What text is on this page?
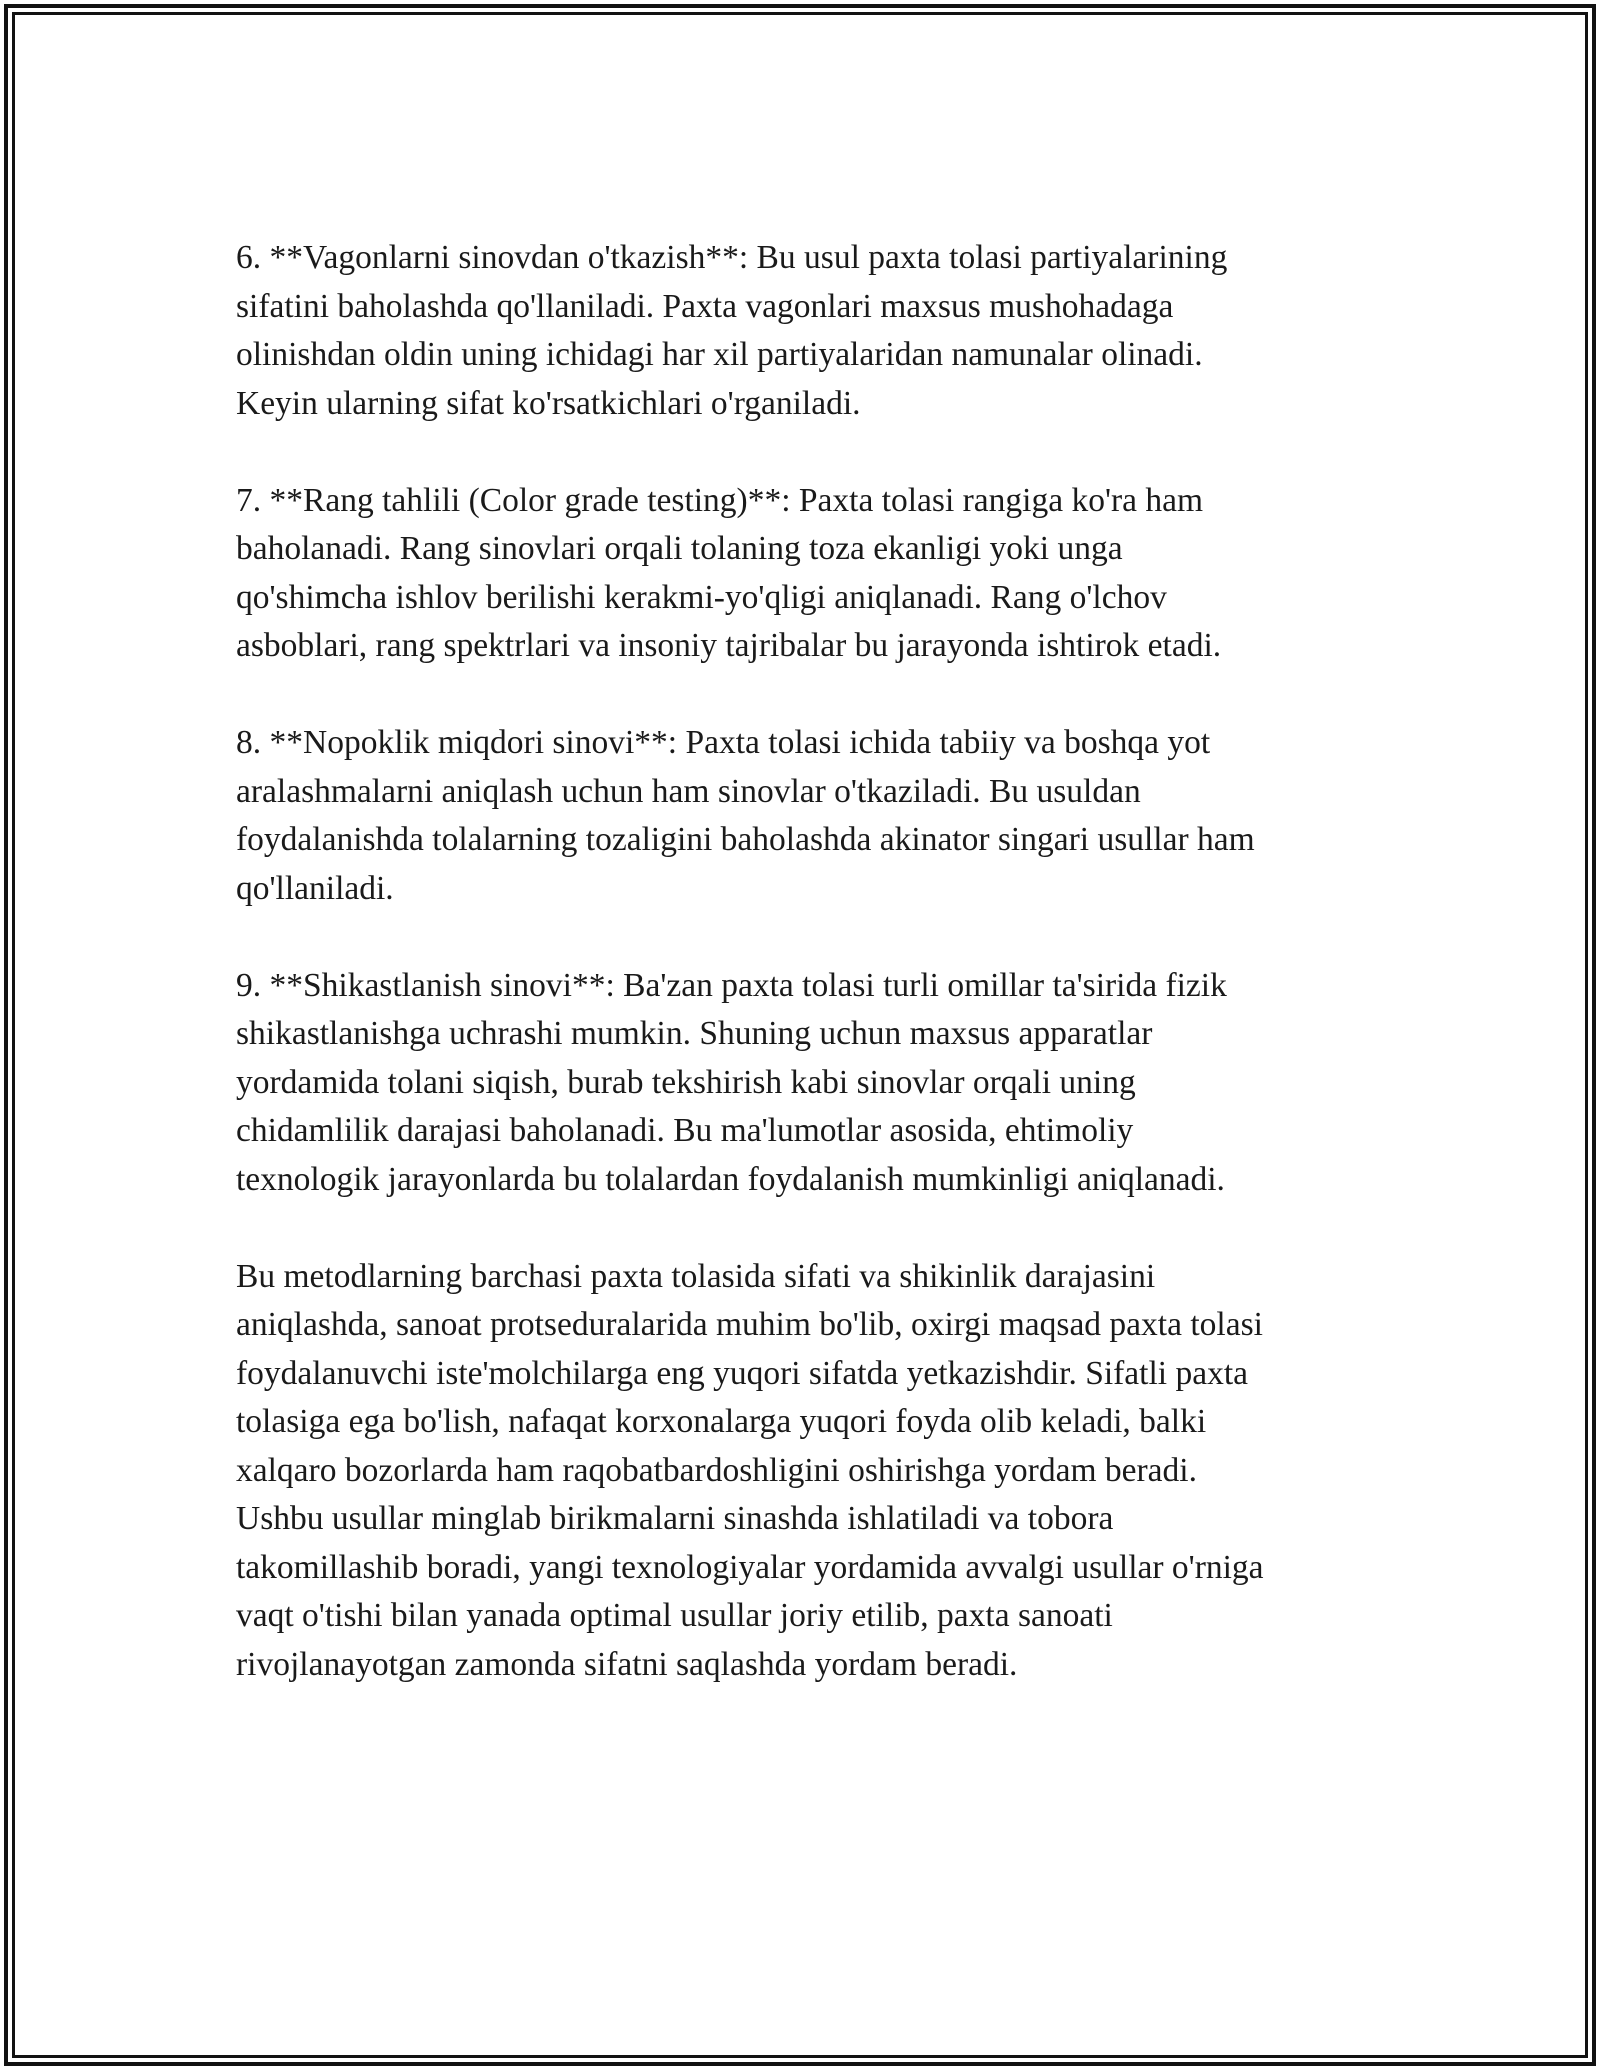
6. **Vagonlarni sinovdan o'tkazish**: Bu usul paxta tolasi partiyalarining
sifatini baholashda qo'llaniladi. Paxta vagonlari maxsus mushohadaga
olinishdan oldin uning ichidagi har xil partiyalaridan namunalar olinadi.
Keyin ularning sifat ko'rsatkichlari o'rganiladi.

7. **Rang tahlili (Color grade testing)**: Paxta tolasi rangiga ko'ra ham
baholanadi. Rang sinovlari orqali tolaning toza ekanligi yoki unga
qo'shimcha ishlov berilishi kerakmi-yo'qligi aniqlanadi. Rang o'lchov
asboblari, rang spektrlari va insoniy tajribalar bu jarayonda ishtirok etadi.

8. **Nopoklik miqdori sinovi**: Paxta tolasi ichida tabiiy va boshqa yot
aralashmalarni aniqlash uchun ham sinovlar o'tkaziladi. Bu usuldan
foydalanishda tolalarning tozaligini baholashda akinator singari usullar ham
qo'llaniladi.

9. **Shikastlanish sinovi**: Ba'zan paxta tolasi turli omillar ta'sirida fizik
shikastlanishga uchrashi mumkin. Shuning uchun maxsus apparatlar
yordamida tolani siqish, burab tekshirish kabi sinovlar orqali uning
chidamlilik darajasi baholanadi. Bu ma'lumotlar asosida, ehtimoliy
texnologik jarayonlarda bu tolalardan foydalanish mumkinligi aniqlanadi.

Bu metodlarning barchasi paxta tolasida sifati va shikinlik darajasini
aniqlashda, sanoat protseduralarida muhim bo'lib, oxirgi maqsad paxta tolasi
foydalanuvchi iste'molchilarga eng yuqori sifatda yetkazishdir. Sifatli paxta
tolasiga ega bo'lish, nafaqat korxonalarga yuqori foyda olib keladi, balki
xalqaro bozorlarda ham raqobatbardoshligini oshirishga yordam beradi.
Ushbu usullar minglab birikmalarni sinashda ishlatiladi va tobora
takomillashib boradi, yangi texnologiyalar yordamida avvalgi usullar o'rniga
vaqt o'tishi bilan yanada optimal usullar joriy etilib, paxta sanoati
rivojlanayotgan zamonda sifatni saqlashda yordam beradi.
